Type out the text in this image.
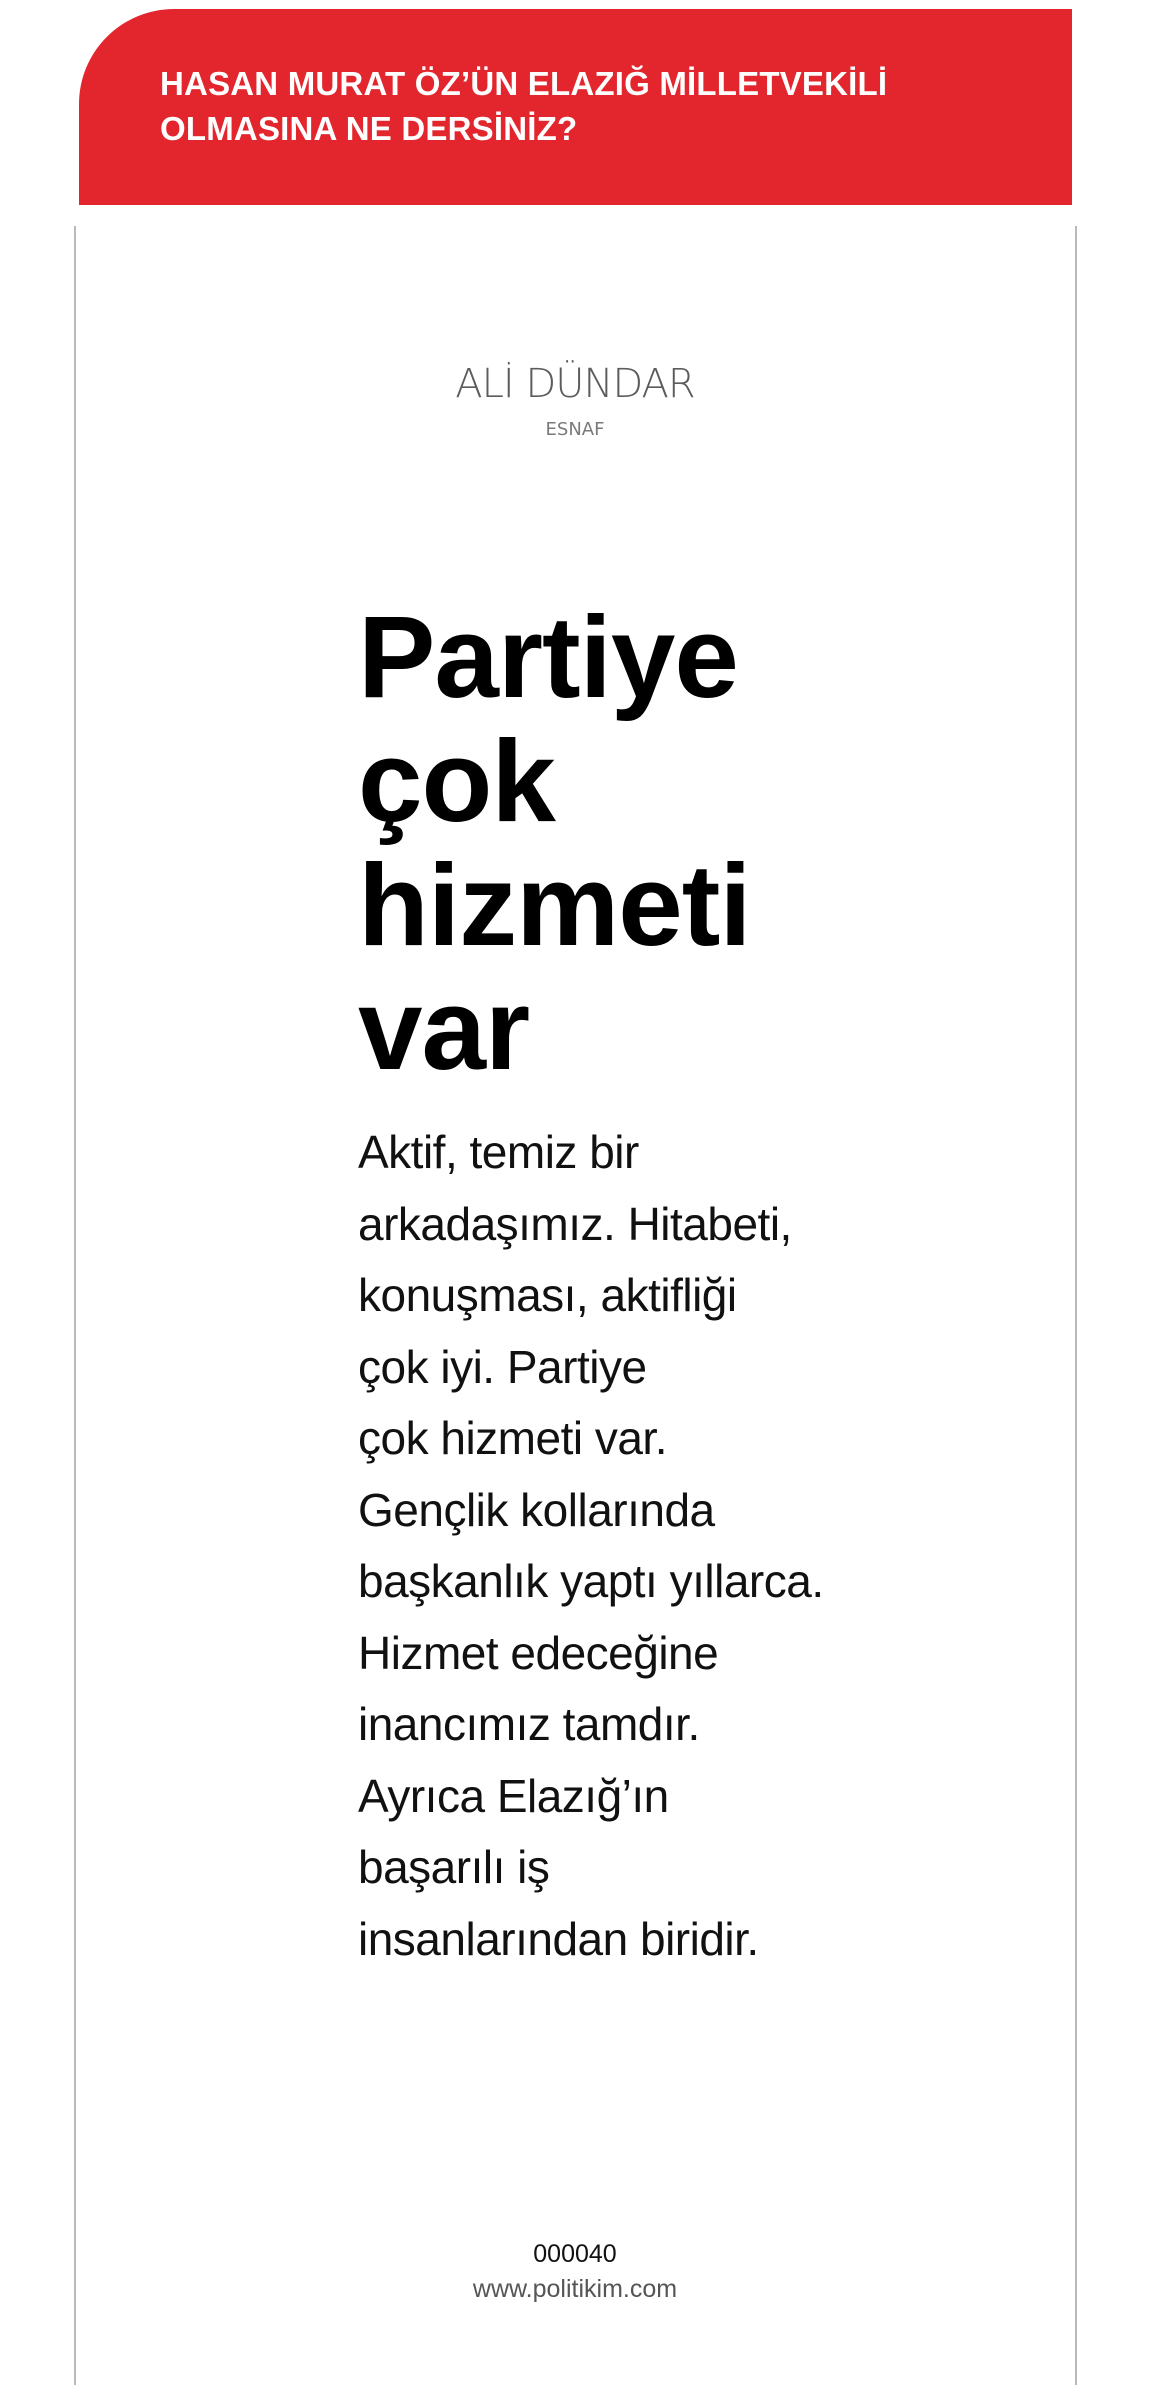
HASAN MURAT ÖZ’ÜN ELAZIĞ MİLLETVEKİLİ
OLMASINA NE DERSİNİZ?
ALİ DÜNDAR
ESNAF
Partiye
çok
hizmeti
var
Aktif, temiz bir
arkadaşımız. Hitabeti,
konuşması, aktifliği
çok iyi. Partiye
çok hizmeti var.
Gençlik kollarında
başkanlık yaptı yıllarca.
Hizmet edeceğine
inancımız tamdır.
Ayrıca Elazığ’ın
başarılı iş
insanlarından biridir.
000040
www.politikim.com
